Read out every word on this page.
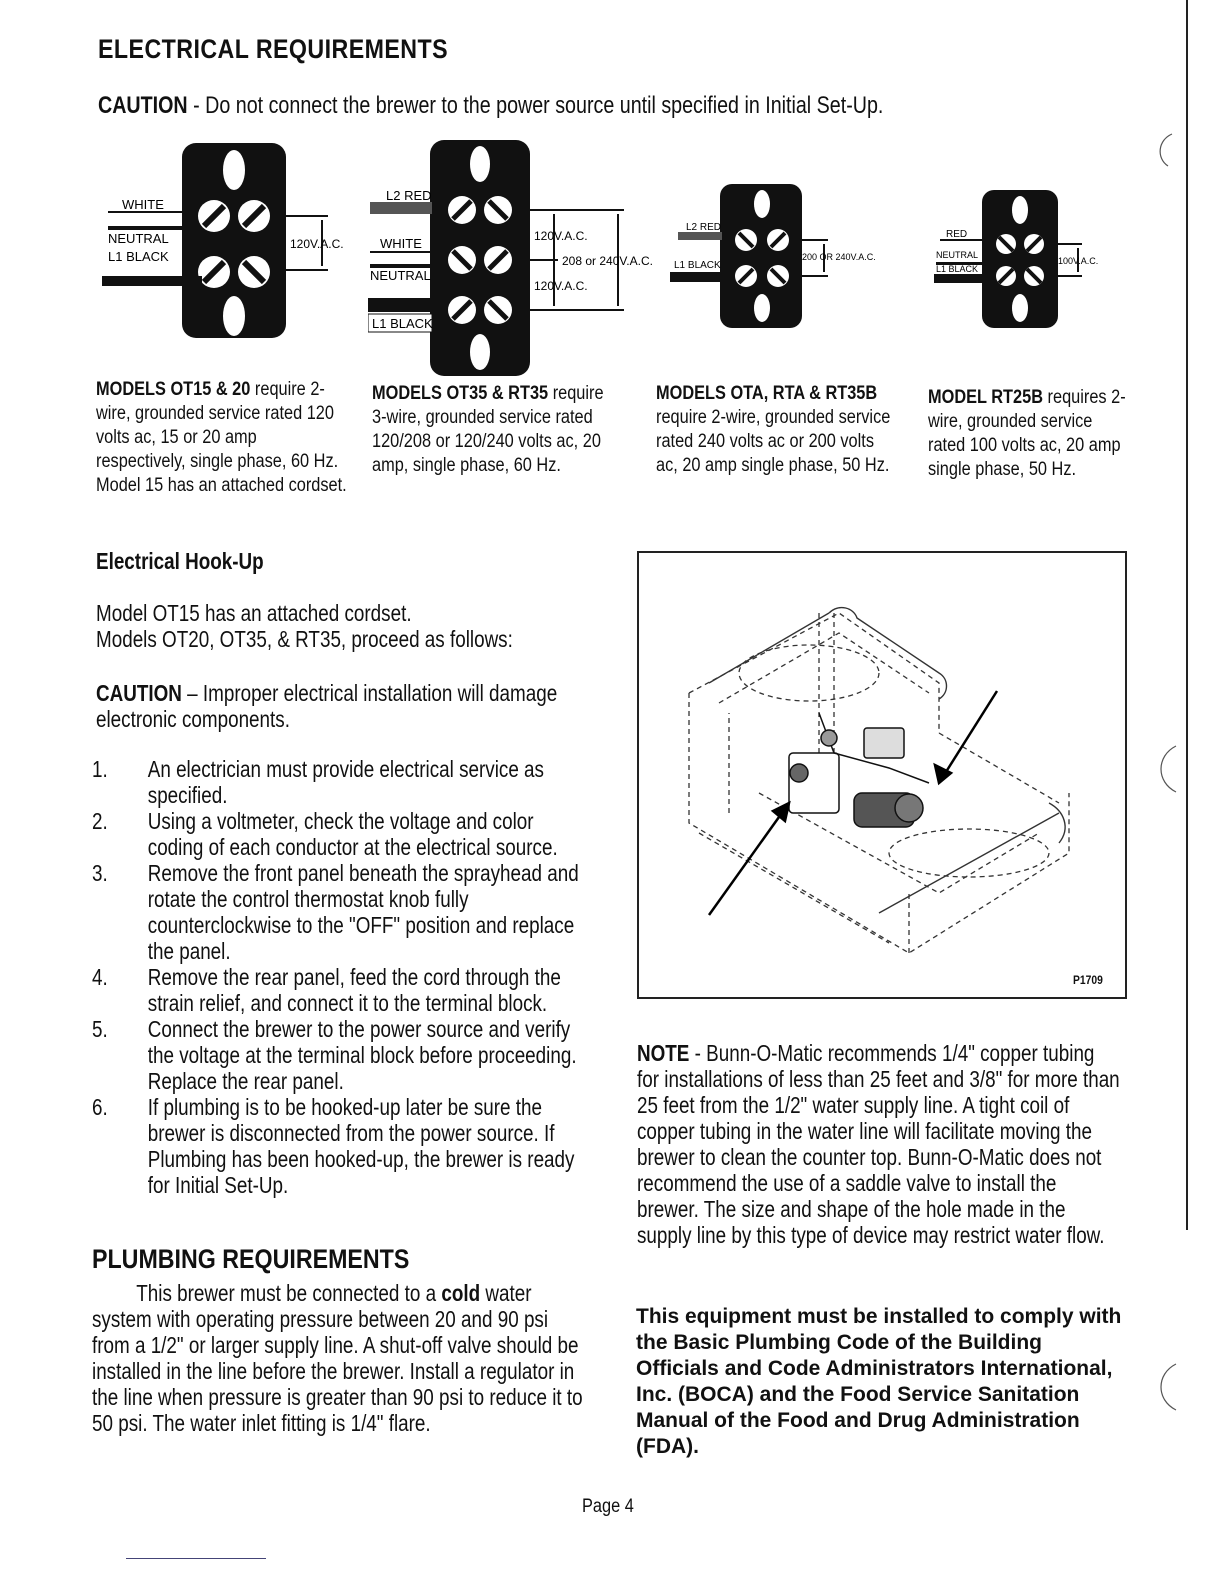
ELECTRICAL REQUIREMENTS
CAUTION - Do not connect the brewer to the power source until specified in Initial Set-Up.
WHITE
NEUTRAL
L1 BLACK
120V.A.C.
L2 RED
WHITE
NEUTRAL
L1 BLACK
120V.A.C.
208 or 240V.A.C.
120V.A.C.
L2 RED
L1 BLACK
200 OR 240V.A.C.
RED
NEUTRAL
L1 BLACK
100V.A.C.
MODELS OT15 & 20 require 2-wire, grounded service rated 120 volts ac, 15 or 20 amp respectively, single phase, 60 Hz. Model 15 has an attached cordset.
MODELS OT35 & RT35 require 3-wire, grounded service rated 120/208 or 120/240 volts ac, 20 amp, single phase, 60 Hz.
MODELS OTA, RTA & RT35B require 2-wire, grounded service rated 240 volts ac or 200 volts ac, 20 amp single phase, 50 Hz.
MODEL RT25B requires 2-wire, grounded service rated 100 volts ac, 20 amp single phase, 50 Hz.
Electrical Hook-Up
Model OT15 has an attached cordset.
Models OT20, OT35, & RT35, proceed as follows:
CAUTION – Improper electrical installation will damage electronic components.
1. An electrician must provide electrical service as specified.
2. Using a voltmeter, check the voltage and color coding of each conductor at the electrical source.
3. Remove the front panel beneath the sprayhead and rotate the control thermostat knob fully counterclockwise to the "OFF" position and replace the panel.
4. Remove the rear panel, feed the cord through the strain relief, and connect it to the terminal block.
5. Connect the brewer to the power source and verify the voltage at the terminal block before proceeding. Replace the rear panel.
6. If plumbing is to be hooked-up later be sure the brewer is disconnected from the power source. If Plumbing has been hooked-up, the brewer is ready for Initial Set-Up.
PLUMBING REQUIREMENTS
This brewer must be connected to a cold water system with operating pressure between 20 and 90 psi from a 1/2" or larger supply line. A shut-off valve should be installed in the line before the brewer. Install a regulator in the line when pressure is greater than 90 psi to reduce it to 50 psi. The water inlet fitting is 1/4" flare.
P1709
NOTE - Bunn-O-Matic recommends 1/4" copper tubing for installations of less than 25 feet and 3/8" for more than 25 feet from the 1/2" water supply line. A tight coil of copper tubing in the water line will facilitate moving the brewer to clean the counter top. Bunn-O-Matic does not recommend the use of a saddle valve to install the brewer. The size and shape of the hole made in the supply line by this type of device may restrict water flow.
This equipment must be installed to comply with the Basic Plumbing Code of the Building Officials and Code Administrators International, Inc. (BOCA) and the Food Service Sanitation Manual of the Food and Drug Administration (FDA).
Page 4
